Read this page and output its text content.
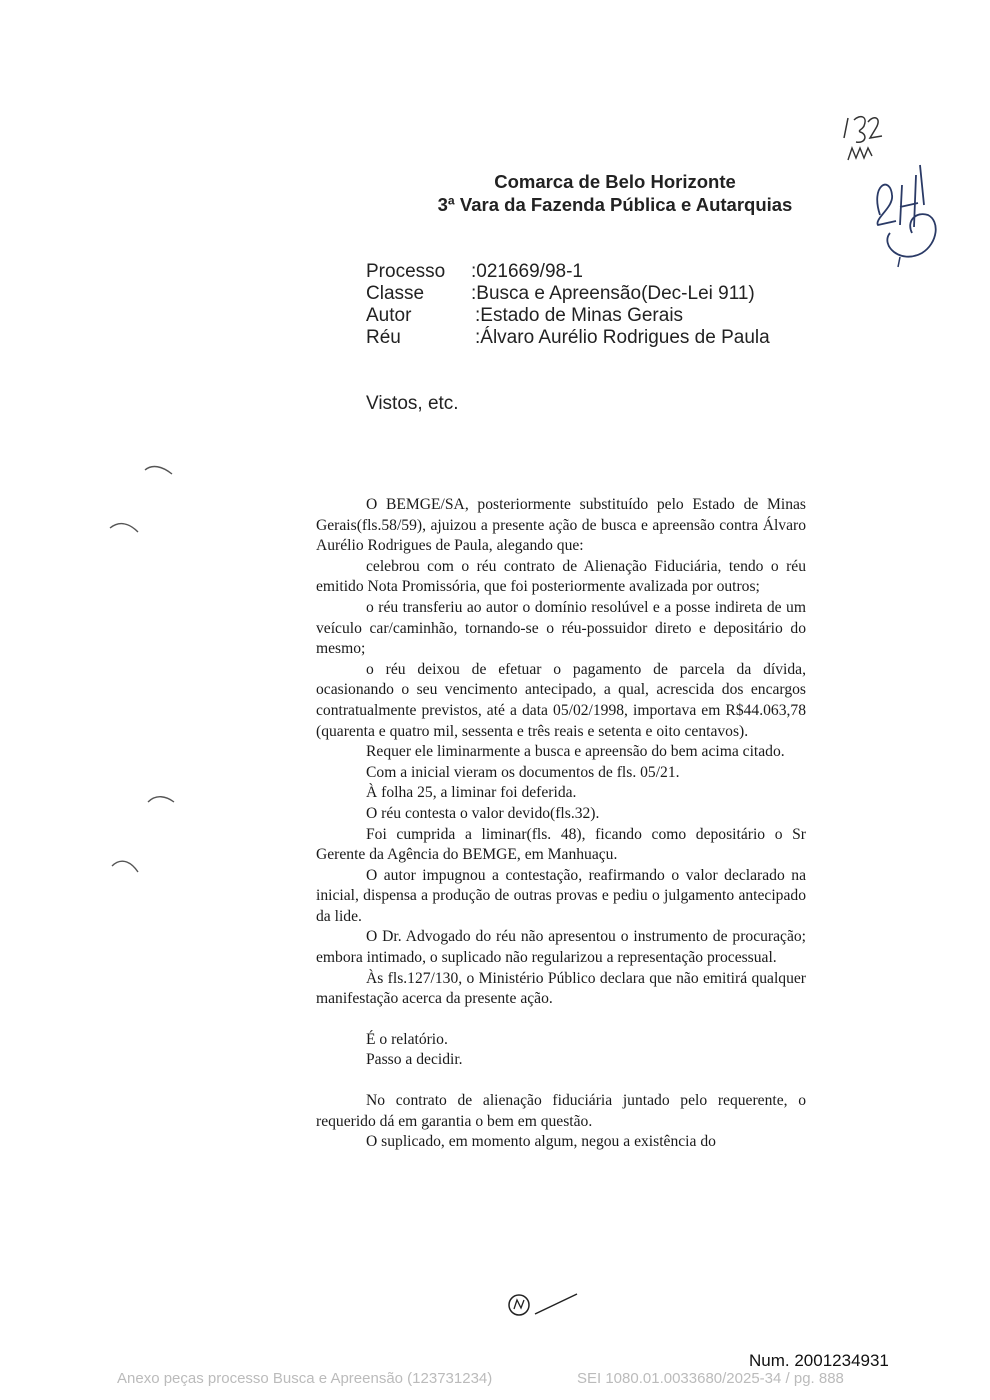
Comarca de Belo Horizonte
3ª Vara da Fazenda Pública e Autarquias
Processo :021669/98-1
Classe :Busca e Apreensão(Dec-Lei 911)
Autor	:Estado de Minas Gerais
Réu	:Álvaro Aurélio Rodrigues de Paula
Vistos, etc.

O BEMGE/SA, posteriormente substituído pelo Estado de Minas Gerais(fls.58/59), ajuizou a presente ação de busca e apreensão contra Álvaro Aurélio Rodrigues de Paula, alegando que:

celebrou com o réu contrato de Alienação Fiduciária, tendo o réu emitido Nota Promissória, que foi posteriormente avalizada por outros;

o réu transferiu ao autor o domínio resolúvel e a posse indireta de um veículo car/caminhão, tornando-se o réu-possuidor direto e depositário do mesmo;

o réu deixou de efetuar o pagamento de parcela da dívida, ocasionando o seu vencimento antecipado, a qual, acrescida dos encargos contratualmente previstos, até a data 05/02/1998, importava em R$44.063,78 (quarenta e quatro mil, sessenta e três reais e setenta e oito centavos).

Requer ele liminarmente a busca e apreensão do bem acima citado.

Com a inicial vieram os documentos de fls. 05/21.

À folha 25, a liminar foi deferida.

O réu contesta o valor devido(fls.32).

Foi cumprida a liminar(fls. 48), ficando como depositário o Sr Gerente da Agência do BEMGE, em Manhuaçu.

O autor impugnou a contestação, reafirmando o valor declarado na inicial, dispensa a produção de outras provas e pediu o julgamento antecipado da lide.

O Dr. Advogado do réu não apresentou o instrumento de procuração; embora intimado, o suplicado não regularizou a representação processual.

Às fls.127/130, o Ministério Público declara que não emitirá qualquer manifestação acerca da presente ação.

É o relatório.

Passo a decidir.

No contrato de alienação fiduciária juntado pelo requerente, o requerido dá em garantia o bem em questão.

O suplicado, em momento algum, negou a existência do

Num. 2001234931
Anexo peças processo Busca e Apreensão (123731234)	SEI 1080.01.0033680/2025-34 / pg. 888
